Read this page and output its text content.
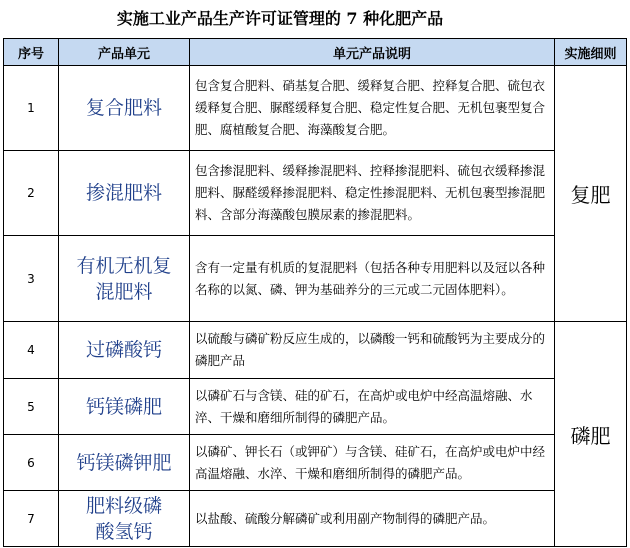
实施工业产品生产许可证管理的 7 种化肥产品
序号	产品单元	单元产品说明	实施细则
1	复合肥料	包含复合肥料、硝基复合肥、缓释复合肥、控释复合肥、硫包衣缓释复合肥、脲醛缓释复合肥、稳定性复合肥、无机包裹型复合肥、腐植酸复合肥、海藻酸复合肥。	复肥
2	掺混肥料	包含掺混肥料、缓释掺混肥料、控释掺混肥料、硫包衣缓释掺混肥料、脲醛缓释掺混肥料、稳定性掺混肥料、无机包裹型掺混肥料、含部分海藻酸包膜尿素的掺混肥料。	
3	有机无机复混肥料	含有一定量有机质的复混肥料（包括各种专用肥料以及冠以各种名称的以氮、磷、钾为基础养分的三元或二元固体肥料）。	
4	过磷酸钙	以硫酸与磷矿粉反应生成的，以磷酸一钙和硫酸钙为主要成分的磷肥产品	磷肥
5	钙镁磷肥	以磷矿石与含镁、硅的矿石，在高炉或电炉中经高温熔融、水淬、干燥和磨细所制得的磷肥产品。	
6	钙镁磷钾肥	以磷矿、钾长石（或钾矿）与含镁、硅矿石，在高炉或电炉中经高温熔融、水淬、干燥和磨细所制得的磷肥产品。	
7	肥料级磷酸氢钙	以盐酸、硫酸分解磷矿或利用副产物制得的磷肥产品。	
